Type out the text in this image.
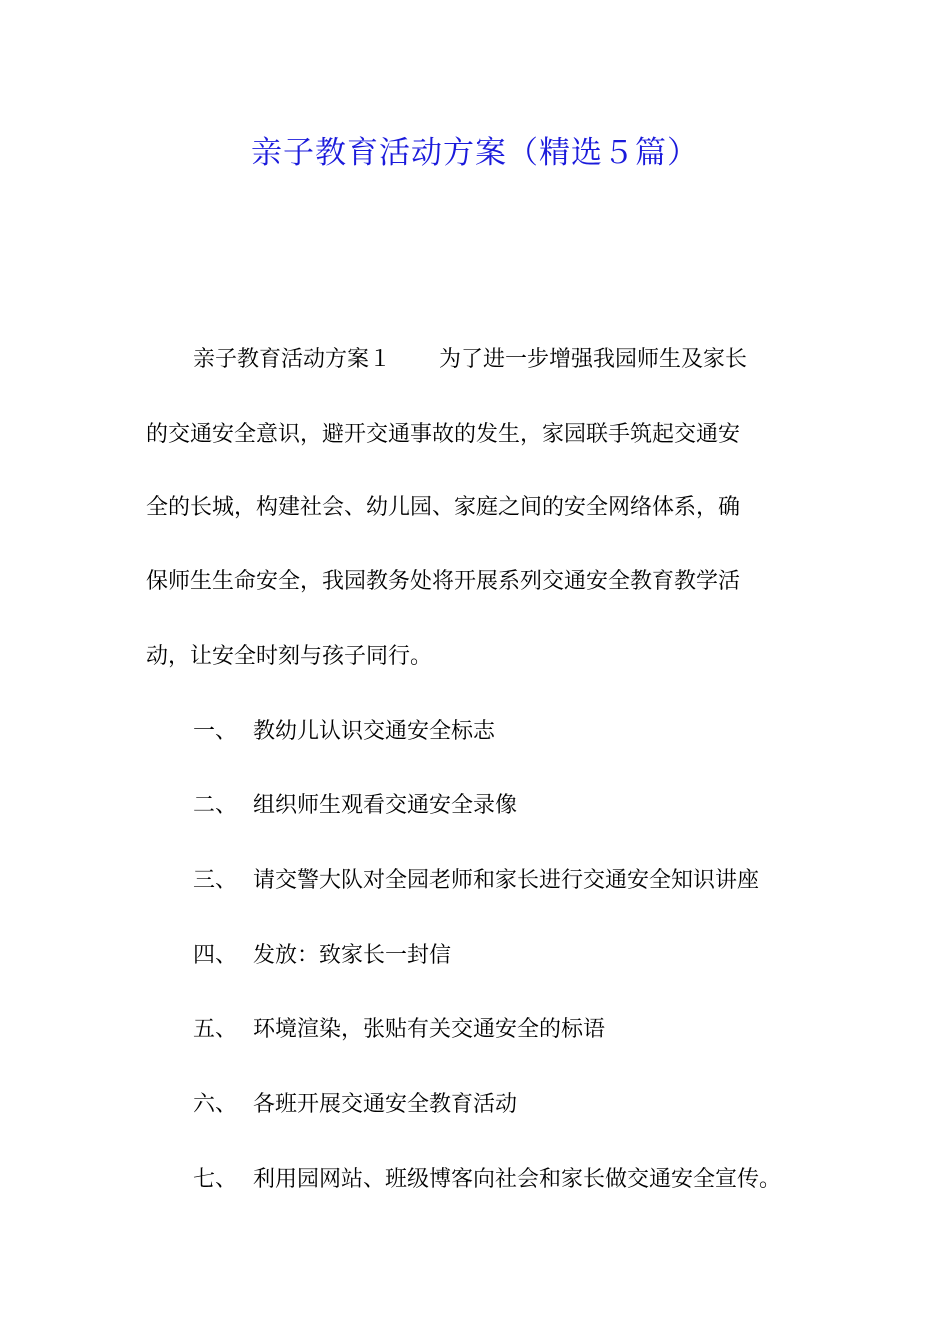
亲子教育活动方案（精选５篇）
亲子教育活动方案１ 为了进一步增强我园师生及家长
的交通安全意识，避开交通事故的发生，家园联手筑起交通安
全的长城，构建社会、幼儿园、家庭之间的安全网络体系，确
保师生生命安全，我园教务处将开展系列交通安全教育教学活
动，让安全时刻与孩子同行。
一、 教幼儿认识交通安全标志
二、 组织师生观看交通安全录像
三、 请交警大队对全园老师和家长进行交通安全知识讲座
四、 发放：致家长一封信
五、 环境渲染，张贴有关交通安全的标语
六、 各班开展交通安全教育活动
七、 利用园网站、班级博客向社会和家长做交通安全宣传。
